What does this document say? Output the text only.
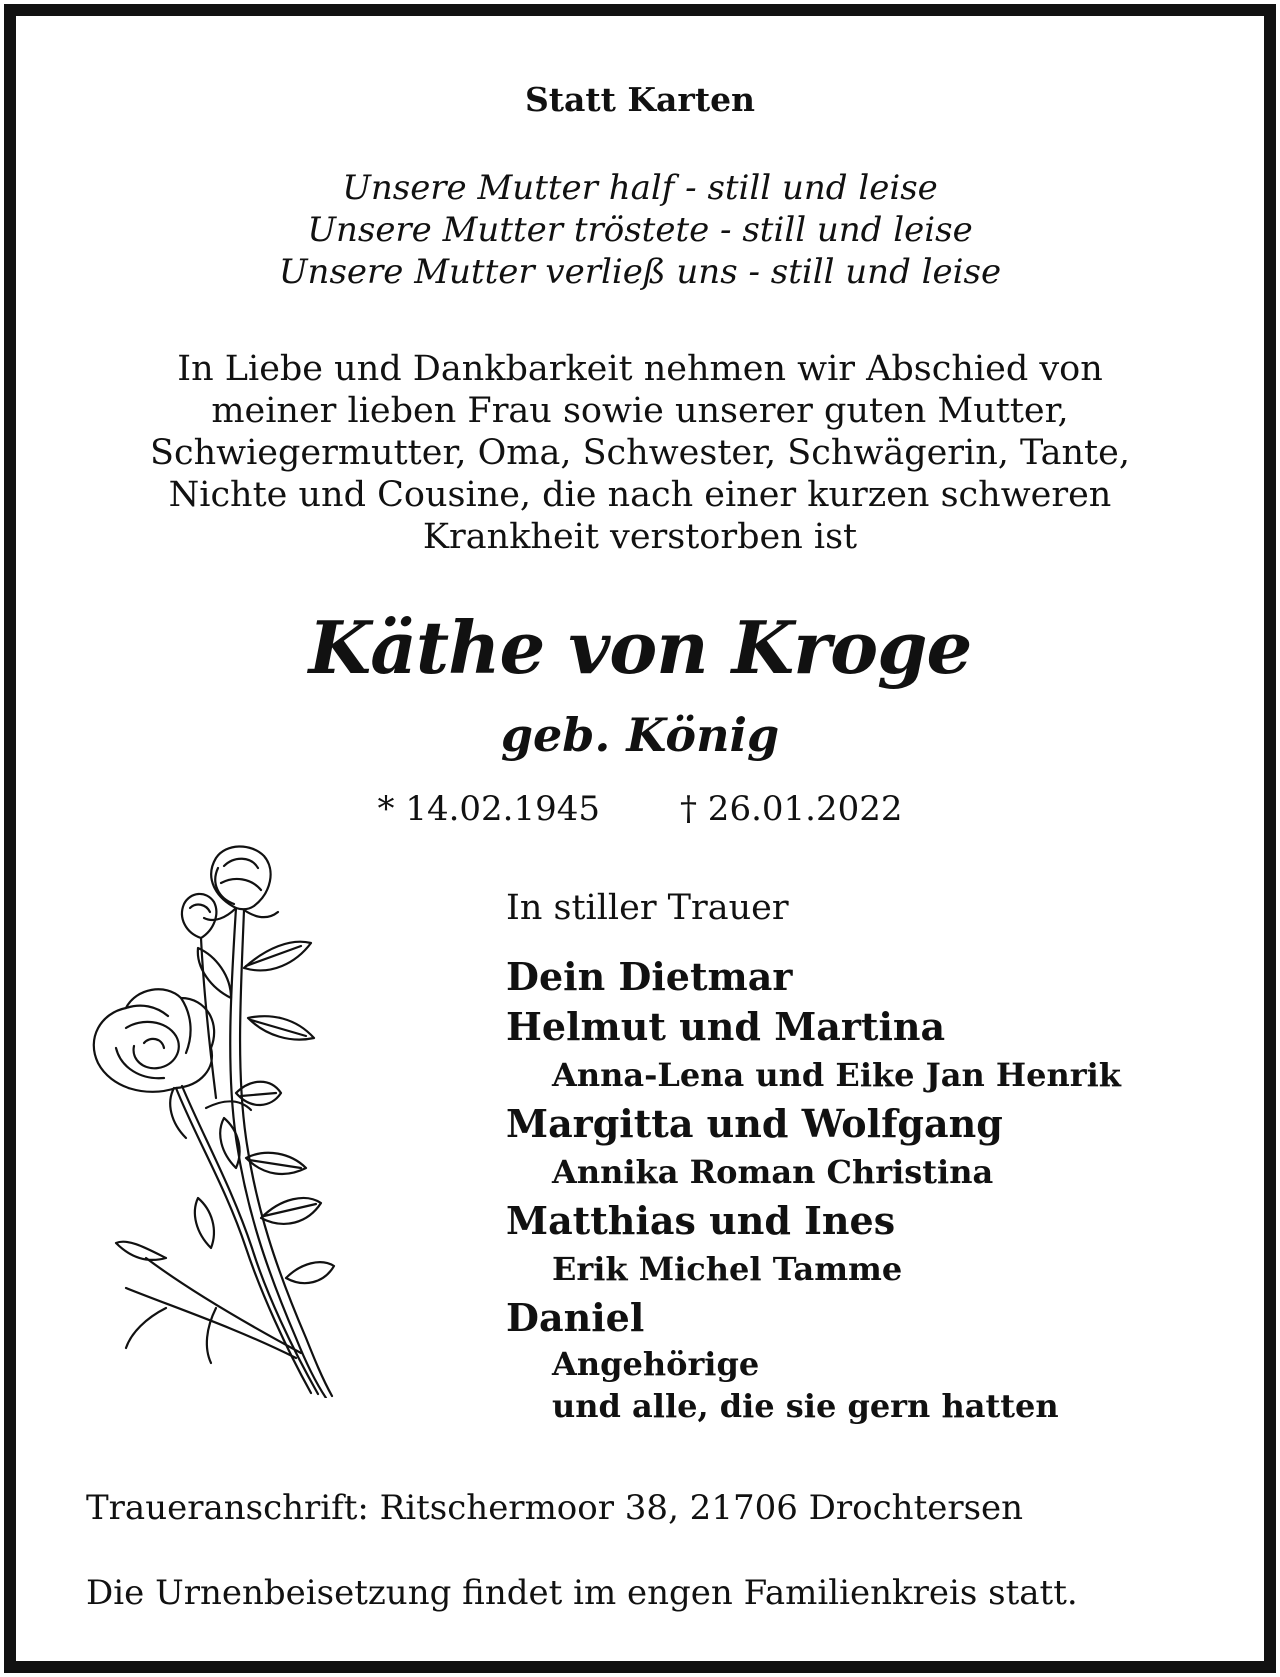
Statt Karten
Unsere Mutter half - still und leise
Unsere Mutter tröstete - still und leise
Unsere Mutter verließ uns - still und leise
In Liebe und Dankbarkeit nehmen wir Abschied von
meiner lieben Frau sowie unserer guten Mutter,
Schwiegermutter, Oma, Schwester, Schwägerin, Tante,
Nichte und Cousine, die nach einer kurzen schweren
Krankheit verstorben ist
Käthe von Kroge
geb. König
* 14.02.1945 † 26.01.2022
In stiller Trauer
Dein Dietmar
Helmut und Martina
Anna-Lena und Eike Jan Henrik
Margitta und Wolfgang
Annika Roman Christina
Matthias und Ines
Erik Michel Tamme
Daniel
Angehörige
und alle, die sie gern hatten
Traueranschrift: Ritschermoor 38, 21706 Drochtersen
Die Urnenbeisetzung findet im engen Familienkreis statt.
